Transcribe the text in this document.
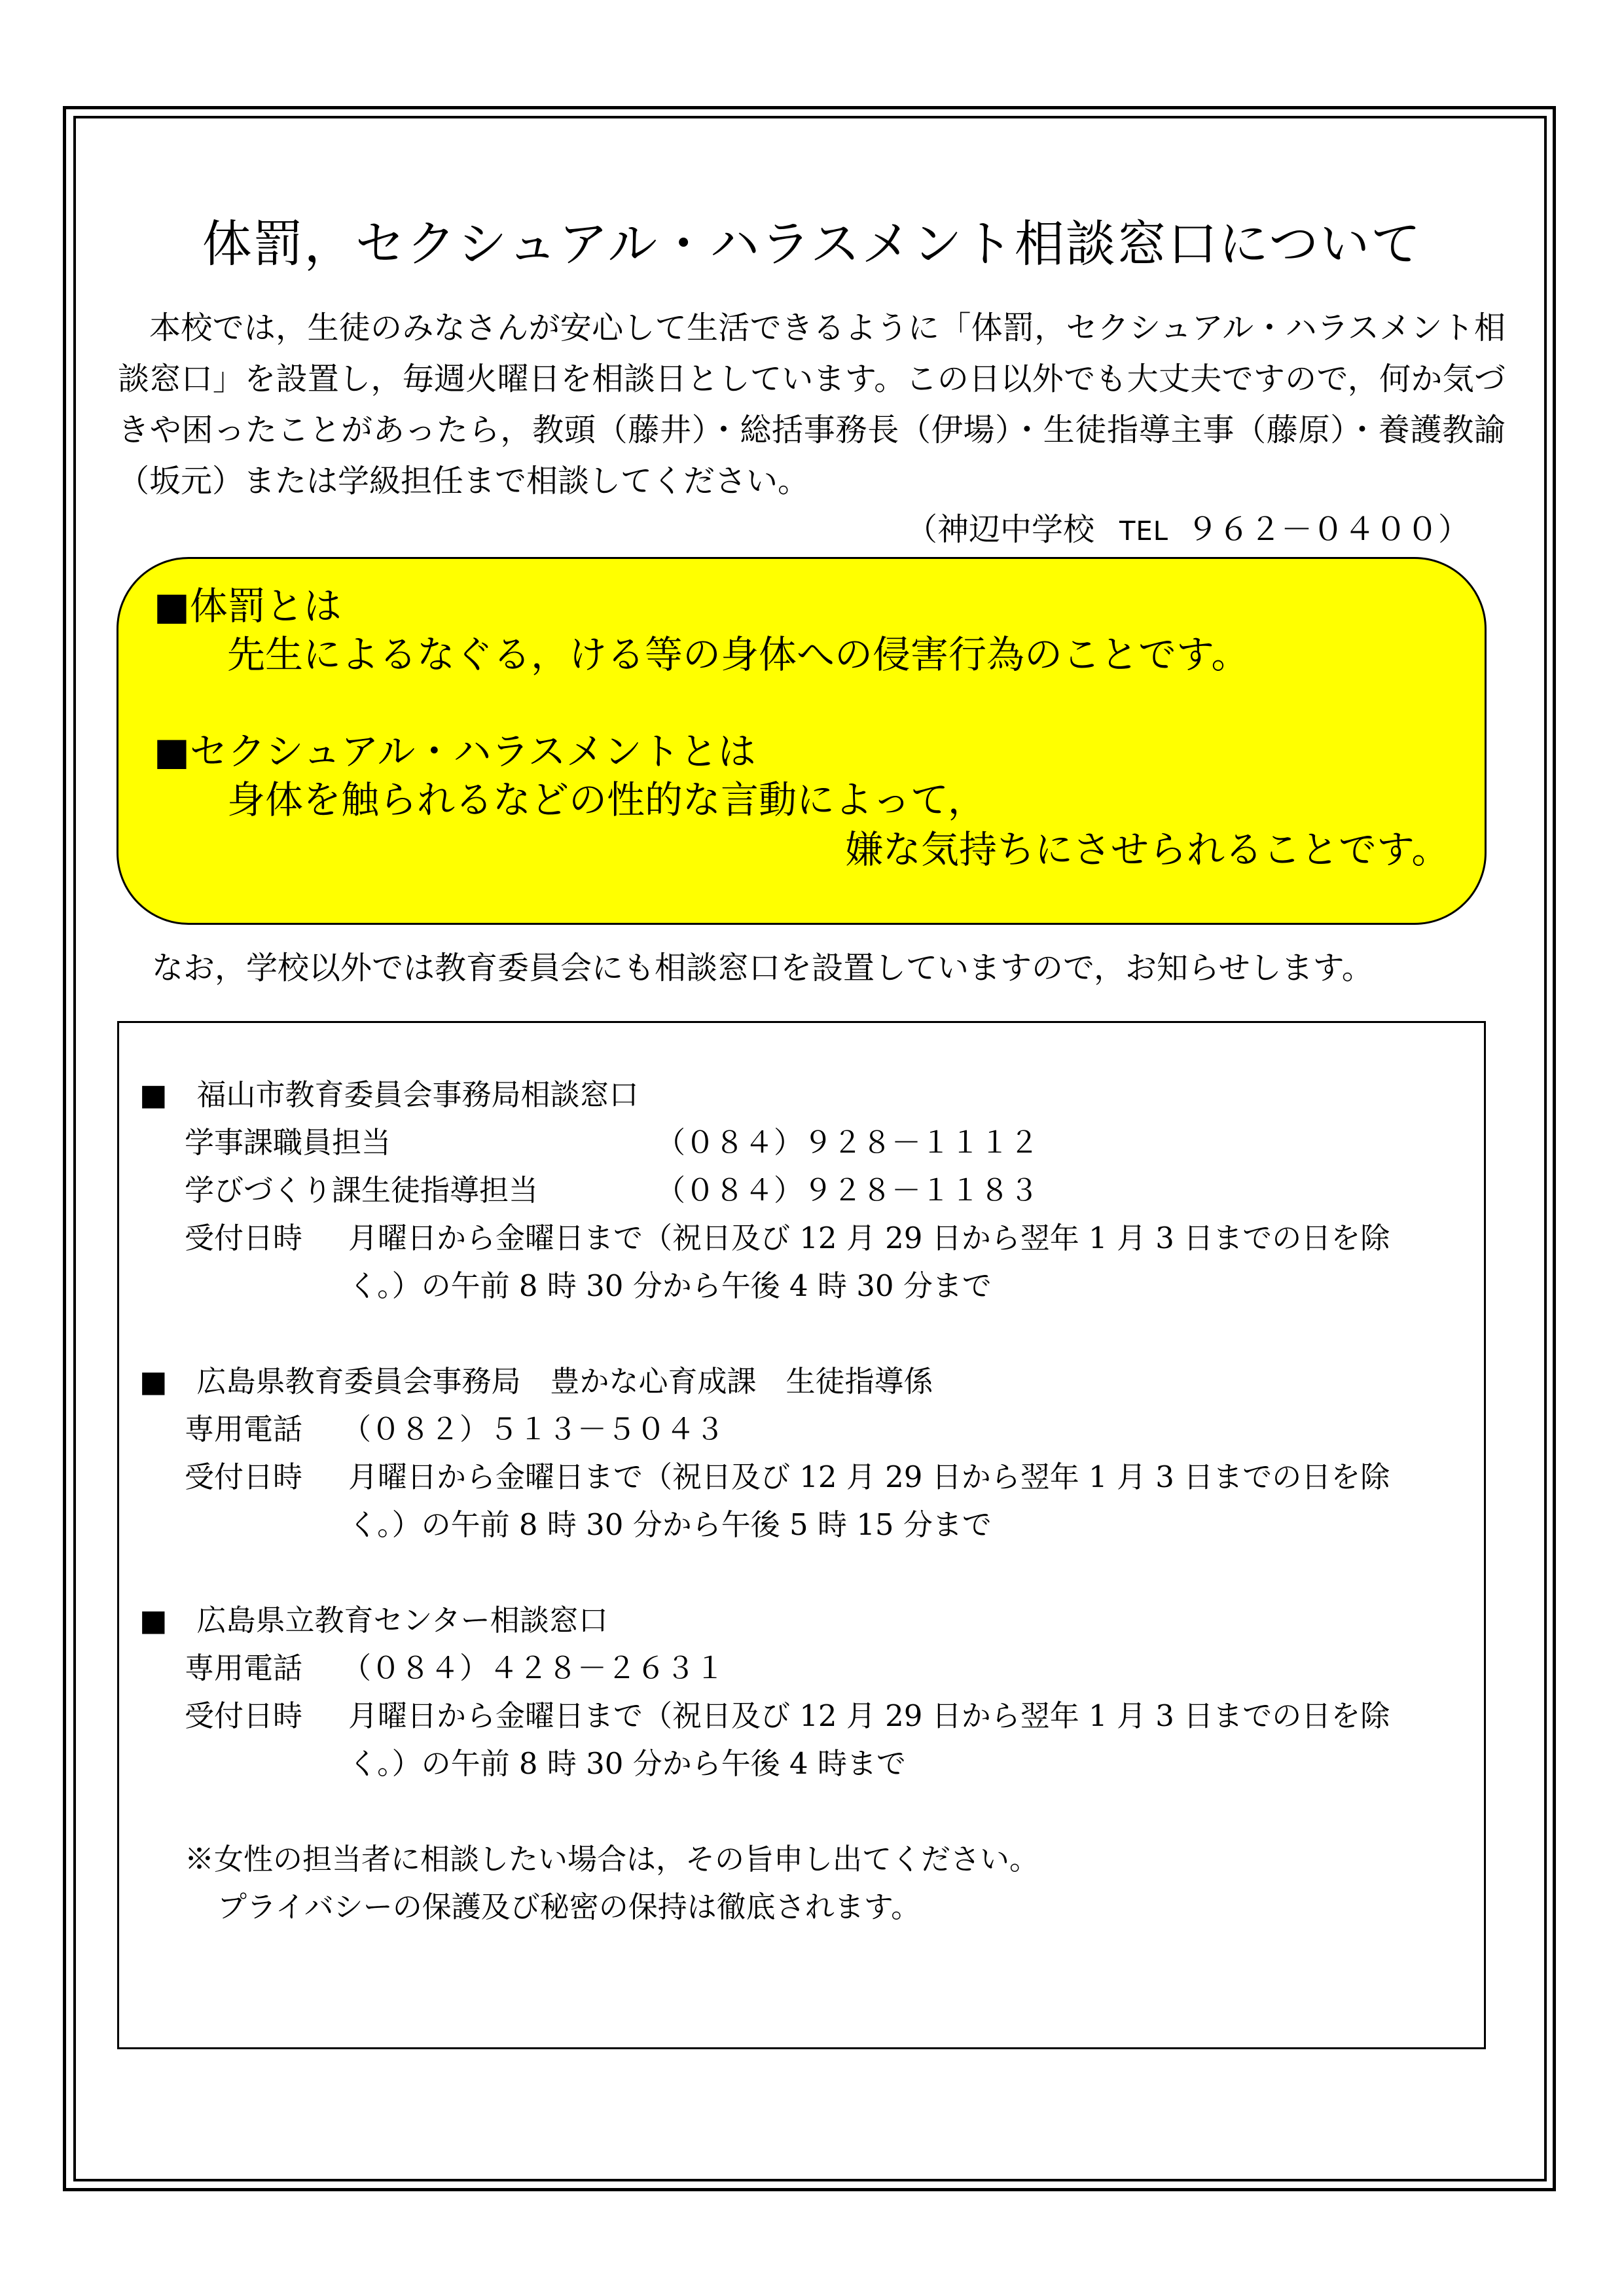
体罰，セクシュアル・ハラスメント相談窓口について

本校では，生徒のみなさんが安心して生活できるように「体罰，セクシュアル・ハラスメント相談窓口」を設置し，毎週火曜日を相談日としています。この日以外でも大丈夫ですので，何か気づきや困ったことがあったら，教頭（藤井）・総括事務長（伊場）・生徒指導主事（藤原）・養護教諭（坂元）または学級担任まで相談してください。

（神辺中学校 TEL ９６２－０４００）
■体罰とは
先生によるなぐる，ける等の身体への侵害行為のことです。
■セクシュアル・ハラスメントとは
身体を触られるなどの性的な言動によって，
嫌な気持ちにさせられることです。
なお，学校以外では教育委員会にも相談窓口を設置していますので，お知らせします。
■　福山市教育委員会事務局相談窓口
学事課職員担当	（０８４）９２８－１１１２
学びづくり課生徒指導担当	（０８４）９２８－１１８３
受付日時 月曜日から金曜日まで（祝日及び 12 月 29 日から翌年 1 月 3 日までの日を除
く。）の午前 8 時 30 分から午後 4 時 30 分まで
■　広島県教育委員会事務局　豊かな心育成課　生徒指導係
専用電話 （０８２）５１３－５０４３
受付日時 月曜日から金曜日まで（祝日及び 12 月 29 日から翌年 1 月 3 日までの日を除
く。）の午前 8 時 30 分から午後 5 時 15 分まで
■　広島県立教育センター相談窓口
専用電話 （０８４）４２８－２６３１
受付日時 月曜日から金曜日まで（祝日及び 12 月 29 日から翌年 1 月 3 日までの日を除
く。）の午前 8 時 30 分から午後 4 時まで
※女性の担当者に相談したい場合は，その旨申し出てください。
プライバシーの保護及び秘密の保持は徹底されます。
